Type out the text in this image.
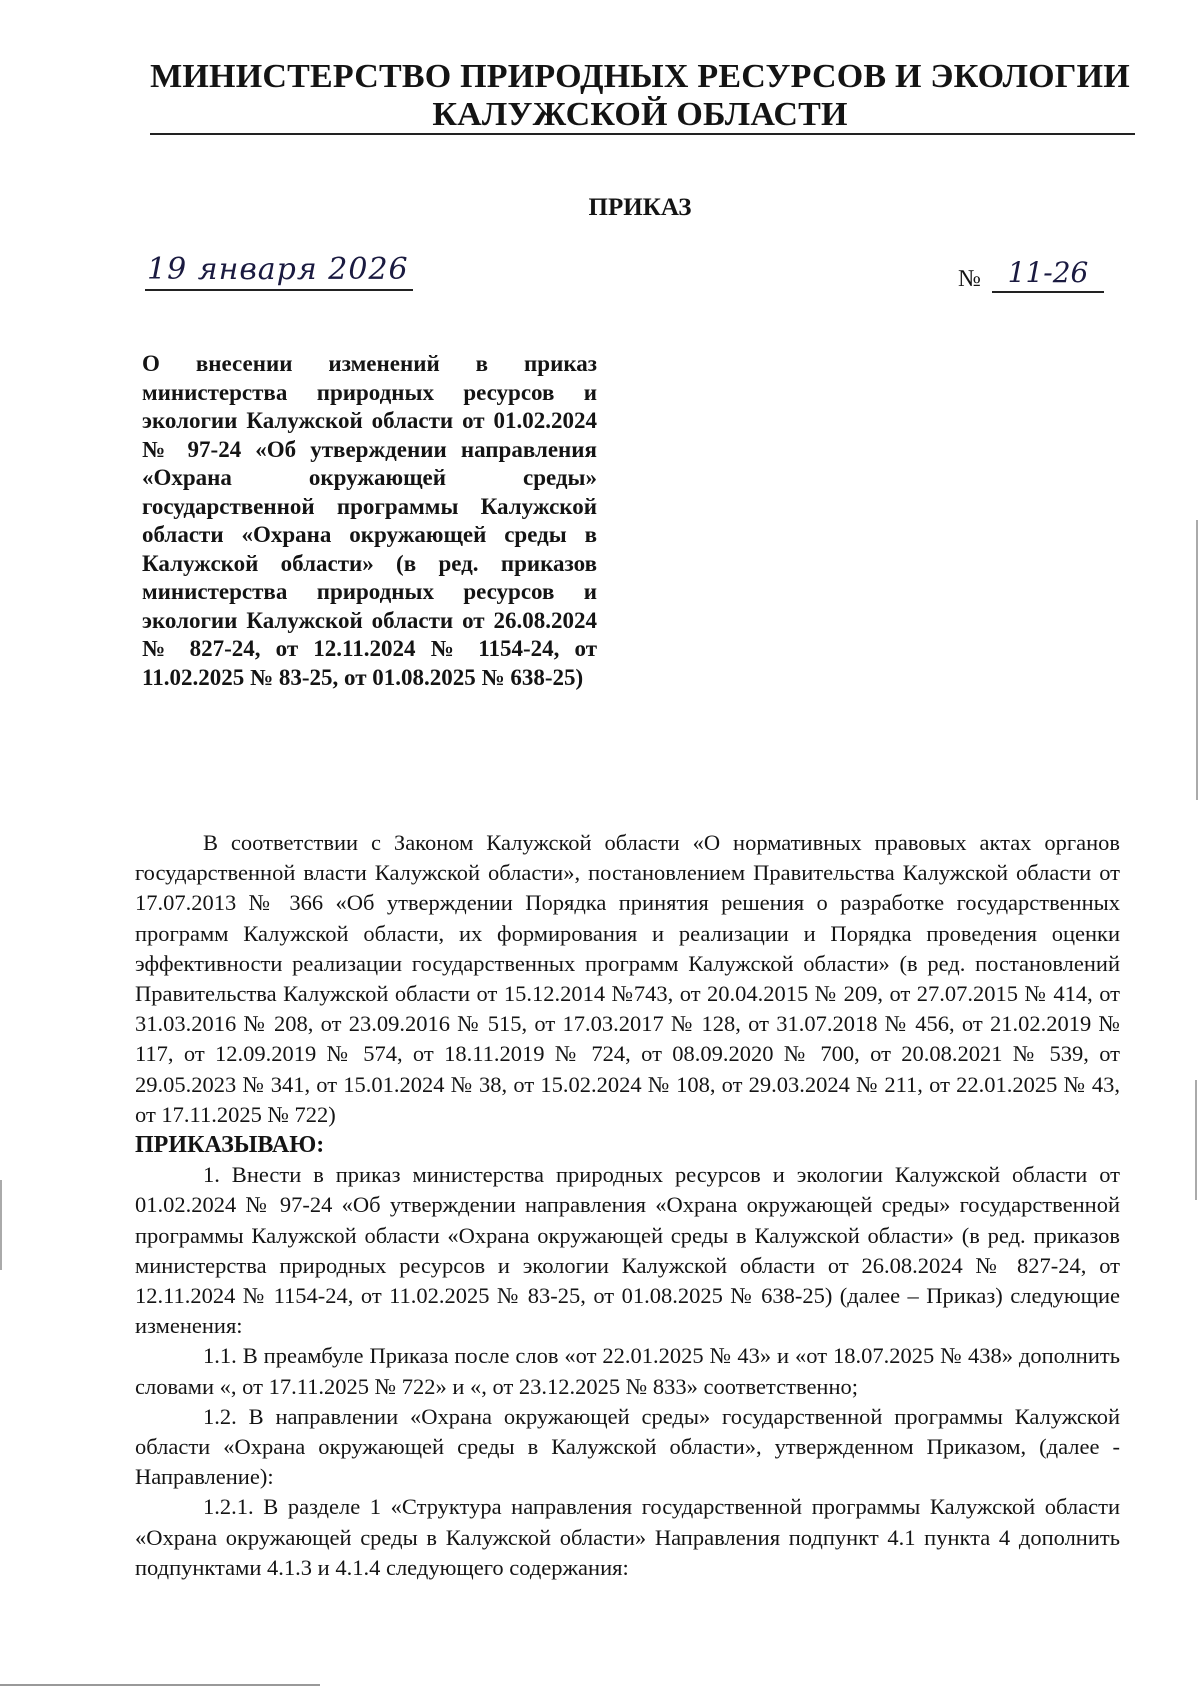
МИНИСТЕРСТВО ПРИРОДНЫХ РЕСУРСОВ И ЭКОЛОГИИ
КАЛУЖСКОЙ ОБЛАСТИ
ПРИКАЗ
19 января 2026	№ 11-26
О внесении изменений в приказ министерства природных ресурсов и экологии Калужской области от 01.02.2024 № 97-24 «Об утверждении направления «Охрана окружающей среды» государственной программы Калужской области «Охрана окружающей среды в Калужской области» (в ред. приказов министерства природных ресурсов и экологии Калужской области от 26.08.2024 № 827-24, от 12.11.2024 № 1154-24, от 11.02.2025 № 83-25, от 01.08.2025 № 638-25)

В соответствии с Законом Калужской области «О нормативных правовых актах органов государственной власти Калужской области», постановлением Правительства Калужской области от 17.07.2013 № 366 «Об утверждении Порядка принятия решения о разработке государственных программ Калужской области, их формирования и реализации и Порядка проведения оценки эффективности реализации государственных программ Калужской области» (в ред. постановлений Правительства Калужской области от 15.12.2014 №743, от 20.04.2015 № 209, от 27.07.2015 № 414, от 31.03.2016 № 208, от 23.09.2016 № 515, от 17.03.2017 № 128, от 31.07.2018 № 456, от 21.02.2019 № 117, от 12.09.2019 № 574, от 18.11.2019 № 724, от 08.09.2020 № 700, от 20.08.2021 № 539, от 29.05.2023 № 341, от 15.01.2024 № 38, от 15.02.2024 № 108, от 29.03.2024 № 211, от 22.01.2025 № 43, от 17.11.2025 № 722)

ПРИКАЗЫВАЮ:

1. Внести в приказ министерства природных ресурсов и экологии Калужской области от 01.02.2024 № 97-24 «Об утверждении направления «Охрана окружающей среды» государственной программы Калужской области «Охрана окружающей среды в Калужской области» (в ред. приказов министерства природных ресурсов и экологии Калужской области от 26.08.2024 № 827-24, от 12.11.2024 № 1154-24, от 11.02.2025 № 83-25, от 01.08.2025 № 638-25) (далее – Приказ) следующие изменения:

1.1. В преамбуле Приказа после слов «от 22.01.2025 № 43» и «от 18.07.2025 № 438» дополнить словами «, от 17.11.2025 № 722» и «, от 23.12.2025 № 833» соответственно;

1.2. В направлении «Охрана окружающей среды» государственной программы Калужской области «Охрана окружающей среды в Калужской области», утвержденном Приказом, (далее - Направление):

1.2.1. В разделе 1 «Структура направления государственной программы Калужской области «Охрана окружающей среды в Калужской области» Направления подпункт 4.1 пункта 4 дополнить подпунктами 4.1.3 и 4.1.4 следующего содержания:
